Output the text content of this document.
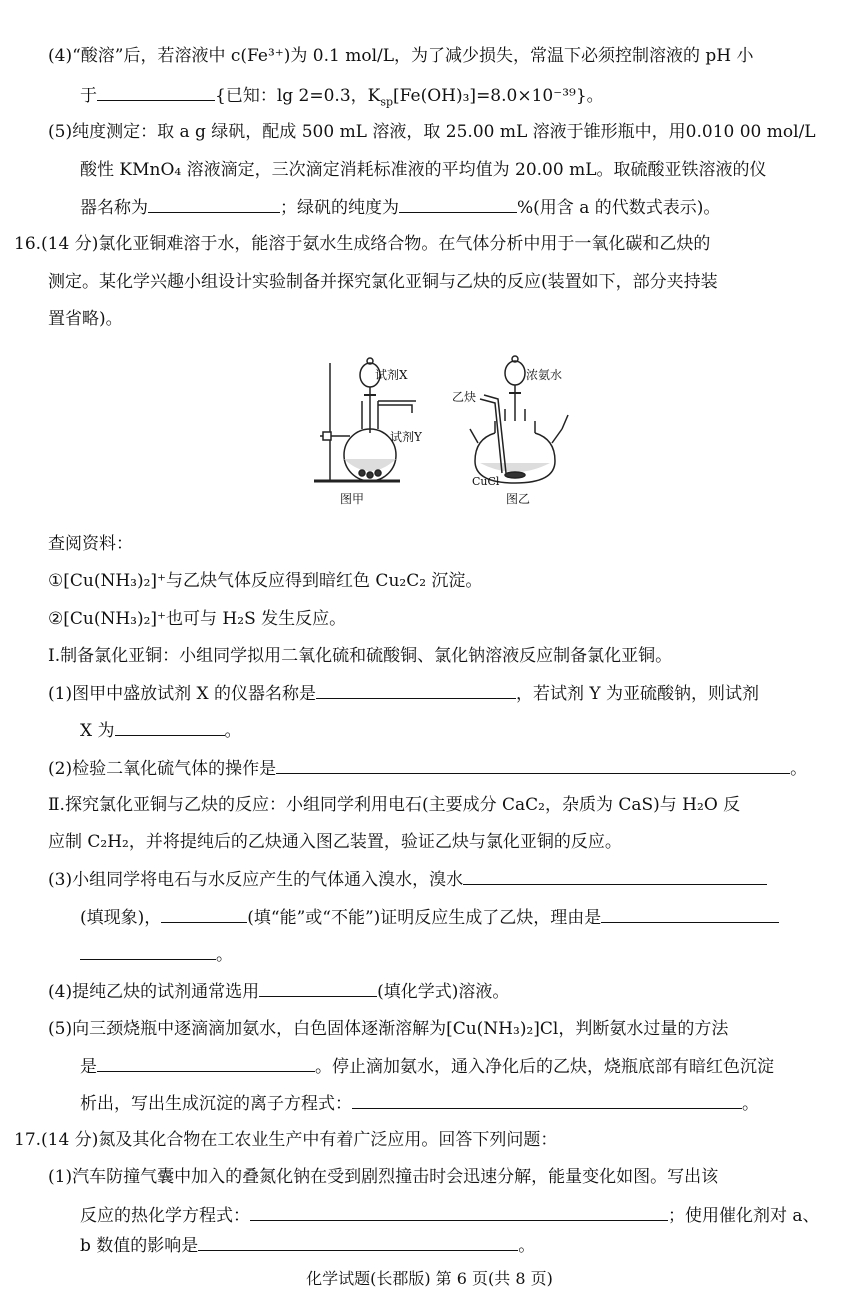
(4)“酸溶”后，若溶液中 c(Fe³⁺)为 0.1 mol/L，为了减少损失，常温下必须控制溶液的 pH 小
于	{已知：lg 2=0.3，$K_{sp}[Fe(OH)_3]=8.0\times 10^{-39}$}。
(5)纯度测定：取 a g 绿矾，配成 500 mL 溶液，取 25.00 mL 溶液于锥形瓶中，用0.010 00 mol/L
酸性 KMnO₄ 溶液滴定，三次滴定消耗标准液的平均值为 20.00 mL。取硫酸亚铁溶液的仪
器名称为	；绿矾的纯度为	%(用含 a 的代数式表示)。
16.(14 分)氯化亚铜难溶于水，能溶于氨水生成络合物。在气体分析中用于一氧化碳和乙炔的
测定。某化学兴趣小组设计实验制备并探究氯化亚铜与乙炔的反应(装置如下，部分夹持装
置省略)。
试剂X
试剂Y
图甲
乙炔
浓氨水
CuCl
图乙
查阅资料：
①[Cu(NH₃)₂]⁺与乙炔气体反应得到暗红色 Cu₂C₂ 沉淀。
②[Cu(NH₃)₂]⁺也可与 H₂S 发生反应。
Ⅰ.制备氯化亚铜：小组同学拟用二氧化硫和硫酸铜、氯化钠溶液反应制备氯化亚铜。
(1)图甲中盛放试剂 X 的仪器名称是	，若试剂 Y 为亚硫酸钠，则试剂
X 为	。
(2)检验二氧化硫气体的操作是	。
Ⅱ.探究氯化亚铜与乙炔的反应：小组同学利用电石(主要成分 CaC₂，杂质为 CaS)与 H₂O 反
应制 C₂H₂，并将提纯后的乙炔通入图乙装置，验证乙炔与氯化亚铜的反应。
(3)小组同学将电石与水反应产生的气体通入溴水，溴水
(填现象)，	(填“能”或“不能”)证明反应生成了乙炔，理由是
。
(4)提纯乙炔的试剂通常选用	(填化学式)溶液。
(5)向三颈烧瓶中逐滴滴加氨水，白色固体逐渐溶解为[Cu(NH₃)₂]Cl，判断氨水过量的方法
是	。停止滴加氨水，通入净化后的乙炔，烧瓶底部有暗红色沉淀
析出，写出生成沉淀的离子方程式：	。
17.(14 分)氮及其化合物在工农业生产中有着广泛应用。回答下列问题：
(1)汽车防撞气囊中加入的叠氮化钠在受到剧烈撞击时会迅速分解，能量变化如图。写出该
反应的热化学方程式：	；使用催化剂对 a、
b 数值的影响是	。
化学试题(长郡版) 第 6 页(共 8 页)
